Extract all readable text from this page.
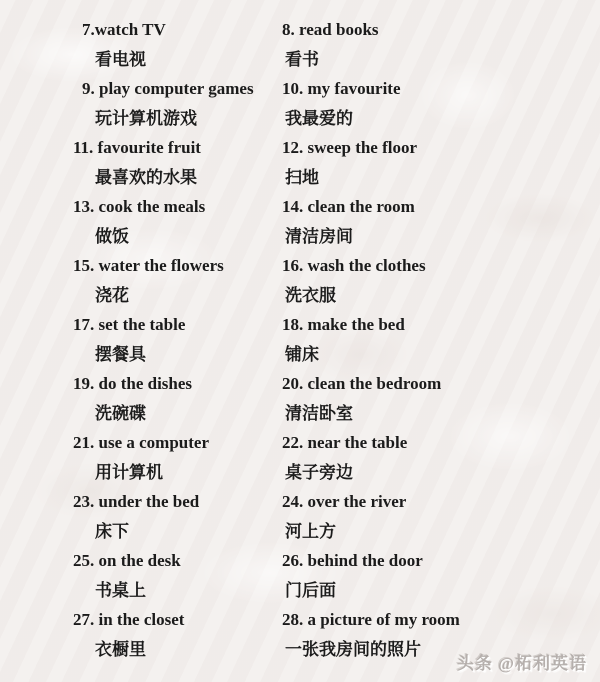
7.watch TV
看电视
8. read books
看书
9. play computer games
玩计算机游戏
10. my favourite
我最爱的
11. favourite fruit
最喜欢的水果
12. sweep the floor
扫地
13. cook the meals
做饭
14. clean the room
清洁房间
15. water the flowers
浇花
16. wash the clothes
洗衣服
17. set the table
摆餐具
18. make the bed
铺床
19. do the dishes
洗碗碟
20. clean the bedroom
清洁卧室
21. use a computer
用计算机
22. near the table
桌子旁边
23. under the bed
床下
24. over the river
河上方
25. on the desk
书桌上
26. behind the door
门后面
27. in the closet
衣橱里
28. a picture of my room
一张我房间的照片
头条 @柘利英语
